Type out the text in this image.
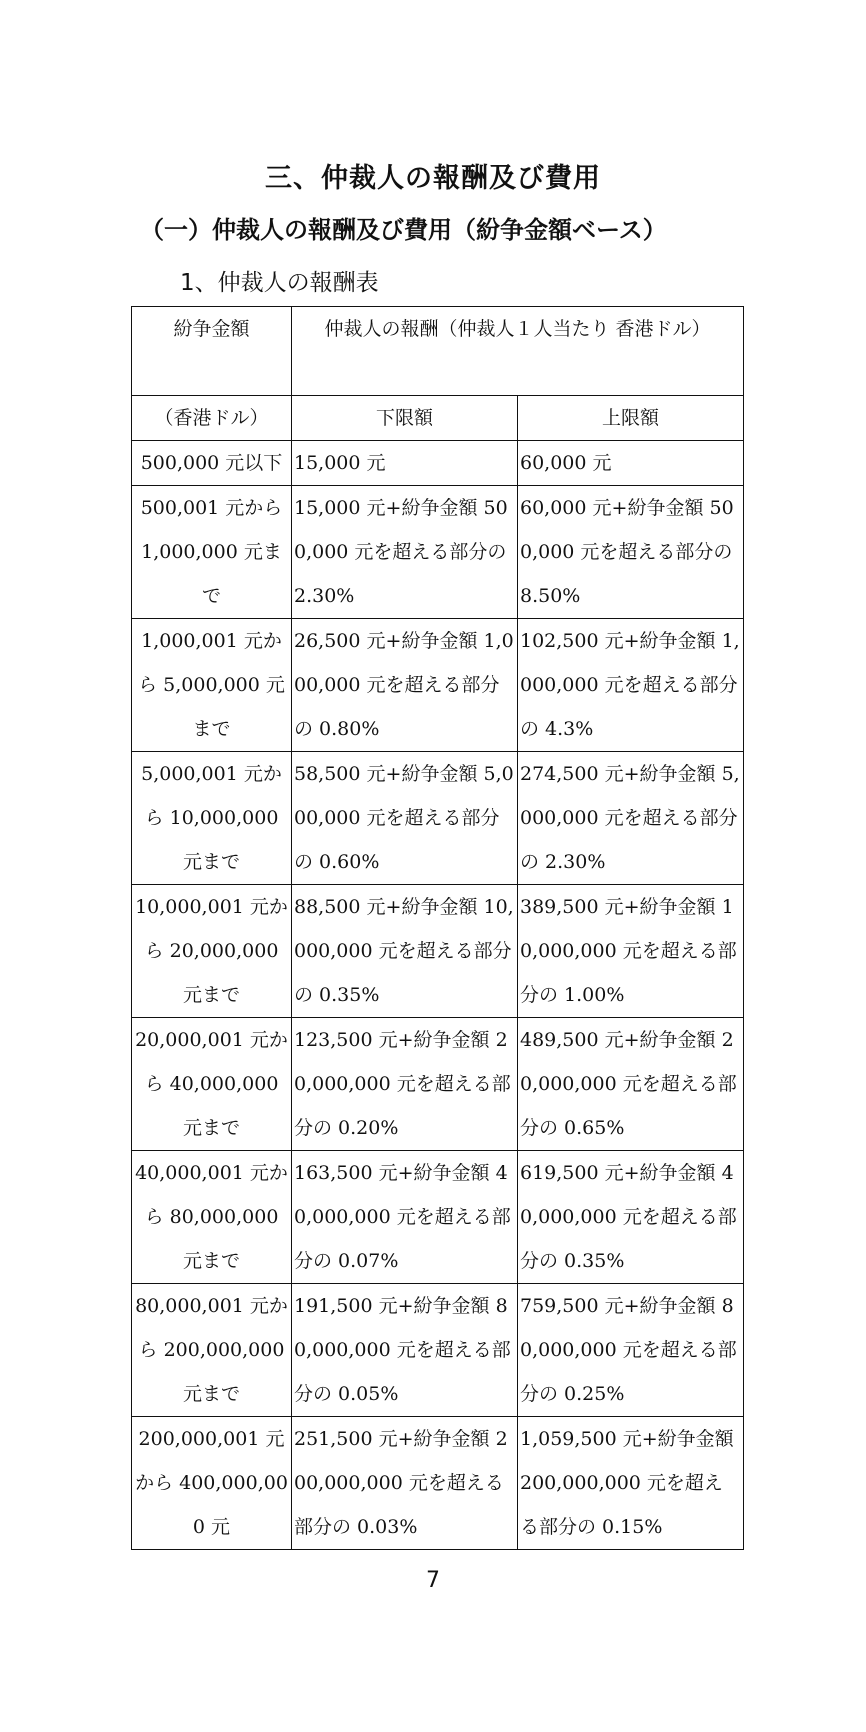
三、仲裁人の報酬及び費用
（一）仲裁人の報酬及び費用（紛争金額ベース）
1、仲裁人の報酬表
紛争金額	仲裁人の報酬（仲裁人１人当たり 香港ドル）	
（香港ドル）	下限額	上限額
500,000 元以下	15,000 元	60,000 元
500,001 元から 1,000,000 元まで	15,000 元+紛争金額 500,000 元を超える部分の 2.30%	60,000 元+紛争金額 500,000 元を超える部分の 8.50%
1,000,001 元から 5,000,000 元まで	26,500 元+紛争金額 1,000,000 元を超える部分の 0.80%	102,500 元+紛争金額 1,000,000 元を超える部分の 4.3%
5,000,001 元から 10,000,000 元まで	58,500 元+紛争金額 5,000,000 元を超える部分の 0.60%	274,500 元+紛争金額 5,000,000 元を超える部分の 2.30%
10,000,001 元から 20,000,000 元まで	88,500 元+紛争金額 10,000,000 元を超える部分の 0.35%	389,500 元+紛争金額 10,000,000 元を超える部分の 1.00%
20,000,001 元から 40,000,000 元まで	123,500 元+紛争金額 20,000,000 元を超える部分の 0.20%	489,500 元+紛争金額 20,000,000 元を超える部分の 0.65%
40,000,001 元から 80,000,000 元まで	163,500 元+紛争金額 40,000,000 元を超える部分の 0.07%	619,500 元+紛争金額 40,000,000 元を超える部分の 0.35%
80,000,001 元から 200,000,000 元まで	191,500 元+紛争金額 80,000,000 元を超える部分の 0.05%	759,500 元+紛争金額 80,000,000 元を超える部分の 0.25%
200,000,001 元から 400,000,000 元	251,500 元+紛争金額 200,000,000 元を超える部分の 0.03%	1,059,500 元+紛争金額 200,000,000 元を超える部分の 0.15%
7
